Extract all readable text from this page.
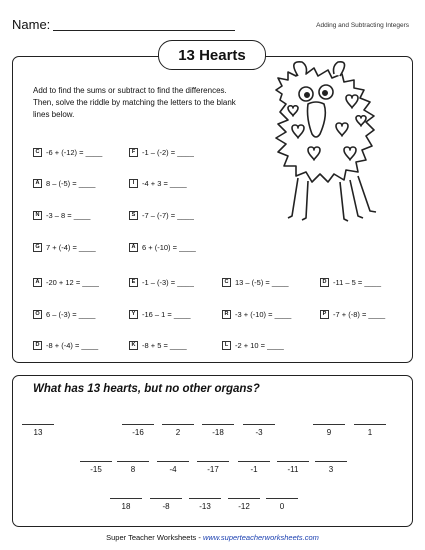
Name:	Adding and Subtracting Integers
13 Hearts
Add to find the sums or subtract to find the differences. Then, solve the riddle by matching the letters to the blank lines below.
C -6 + (-12) = ____	F -1 – (-2) = ____
A 8 – (-5) = ____	I	-4 + 3 = ____
N -3 – 8 = ____	S -7 – (-7) = ____
G 7 + (-4) = ____	A 6 + (-10) = ____
A -20 + 12 = ____	E -1 – (-3) = ____	C 13 – (-5) = ____	D -11 – 5 = ____
O 6 – (-3) = ____	Y -16 – 1 = ____	R -3 + (-10) = ____	P -7 + (-8) = ____
D -8 + (-4) = ____	K -8 + 5 = ____	L -2 + 10 = ____
What has 13 hearts, but no other organs?
13	-16	2	-18	-3	9	1
-15	8	-4	-17	-1	-11	3
18	-8	-13	-12	0
Super Teacher Worksheets - www.superteacherworksheets.com
